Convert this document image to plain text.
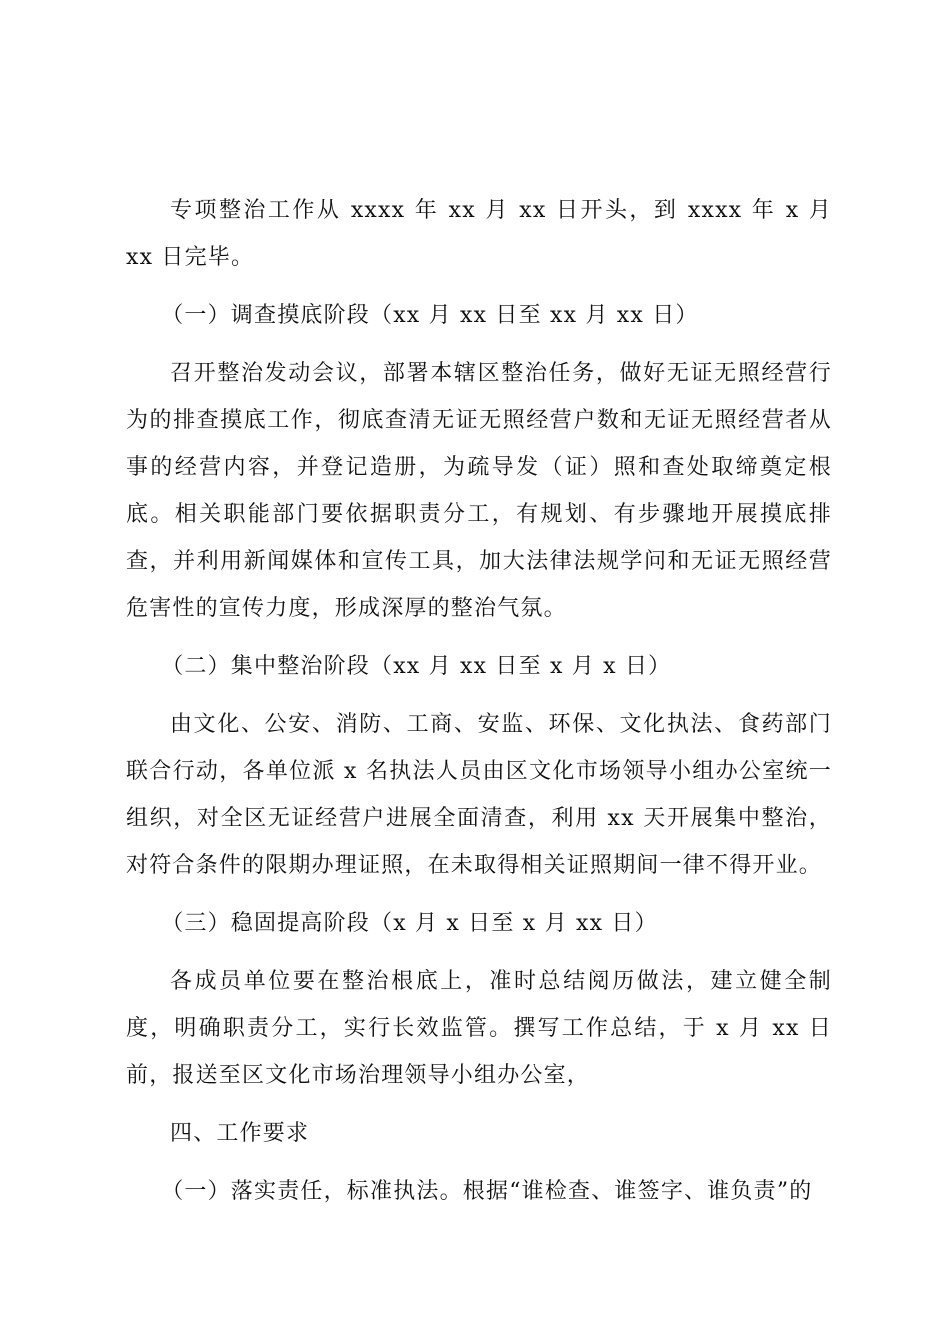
专项整治工作从 xxxx 年 xx 月 xx 日开头，到 xxxx 年 x 月 xx 日完毕。

（一）调查摸底阶段（xx 月 xx 日至 xx 月 xx 日）

召开整治发动会议，部署本辖区整治任务，做好无证无照经营行为的排查摸底工作，彻底查清无证无照经营户数和无证无照经营者从事的经营内容，并登记造册，为疏导发（证）照和查处取缔奠定根底。相关职能部门要依据职责分工，有规划、有步骤地开展摸底排查，并利用新闻媒体和宣传工具，加大法律法规学问和无证无照经营危害性的宣传力度，形成深厚的整治气氛。

（二）集中整治阶段（xx 月 xx 日至 x 月 x 日）

由文化、公安、消防、工商、安监、环保、文化执法、食药部门联合行动，各单位派 x 名执法人员由区文化市场领导小组办公室统一组织，对全区无证经营户进展全面清查，利用 xx 天开展集中整治，对符合条件的限期办理证照，在未取得相关证照期间一律不得开业。

（三）稳固提高阶段（x 月 x 日至 x 月 xx 日）

各成员单位要在整治根底上，准时总结阅历做法，建立健全制度，明确职责分工，实行长效监管。撰写工作总结，于 x 月 xx 日前，报送至区文化市场治理领导小组办公室，

四、工作要求

（一）落实责任，标准执法。根据“谁检查、谁签字、谁负责”的
